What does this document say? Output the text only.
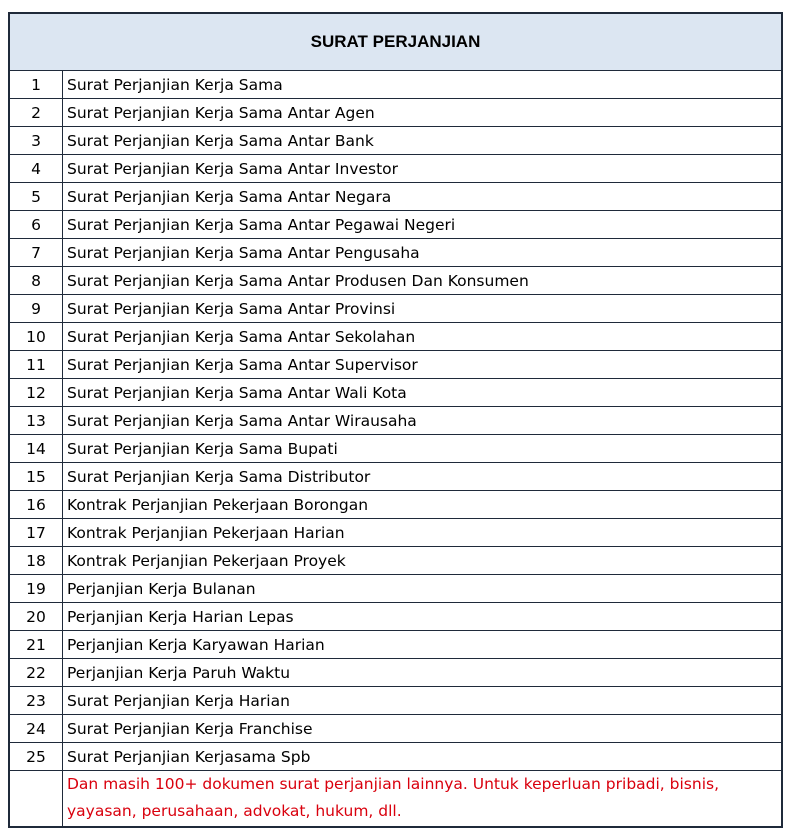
SURAT PERJANJIAN	
1	Surat Perjanjian Kerja Sama
2	Surat Perjanjian Kerja Sama Antar Agen
3	Surat Perjanjian Kerja Sama Antar Bank
4	Surat Perjanjian Kerja Sama Antar Investor
5	Surat Perjanjian Kerja Sama Antar Negara
6	Surat Perjanjian Kerja Sama Antar Pegawai Negeri
7	Surat Perjanjian Kerja Sama Antar Pengusaha
8	Surat Perjanjian Kerja Sama Antar Produsen Dan Konsumen
9	Surat Perjanjian Kerja Sama Antar Provinsi
10	Surat Perjanjian Kerja Sama Antar Sekolahan
11	Surat Perjanjian Kerja Sama Antar Supervisor
12	Surat Perjanjian Kerja Sama Antar Wali Kota
13	Surat Perjanjian Kerja Sama Antar Wirausaha
14	Surat Perjanjian Kerja Sama Bupati
15	Surat Perjanjian Kerja Sama Distributor
16	Kontrak Perjanjian Pekerjaan Borongan
17	Kontrak Perjanjian Pekerjaan Harian
18	Kontrak Perjanjian Pekerjaan Proyek
19	Perjanjian Kerja Bulanan
20	Perjanjian Kerja Harian Lepas
21	Perjanjian Kerja Karyawan Harian
22	Perjanjian Kerja Paruh Waktu
23	Surat Perjanjian Kerja Harian
24	Surat Perjanjian Kerja Franchise
25	Surat Perjanjian Kerjasama Spb
	Dan masih 100+ dokumen surat perjanjian lainnya. Untuk keperluan pribadi, bisnis, yayasan, perusahaan, advokat, hukum, dll.
